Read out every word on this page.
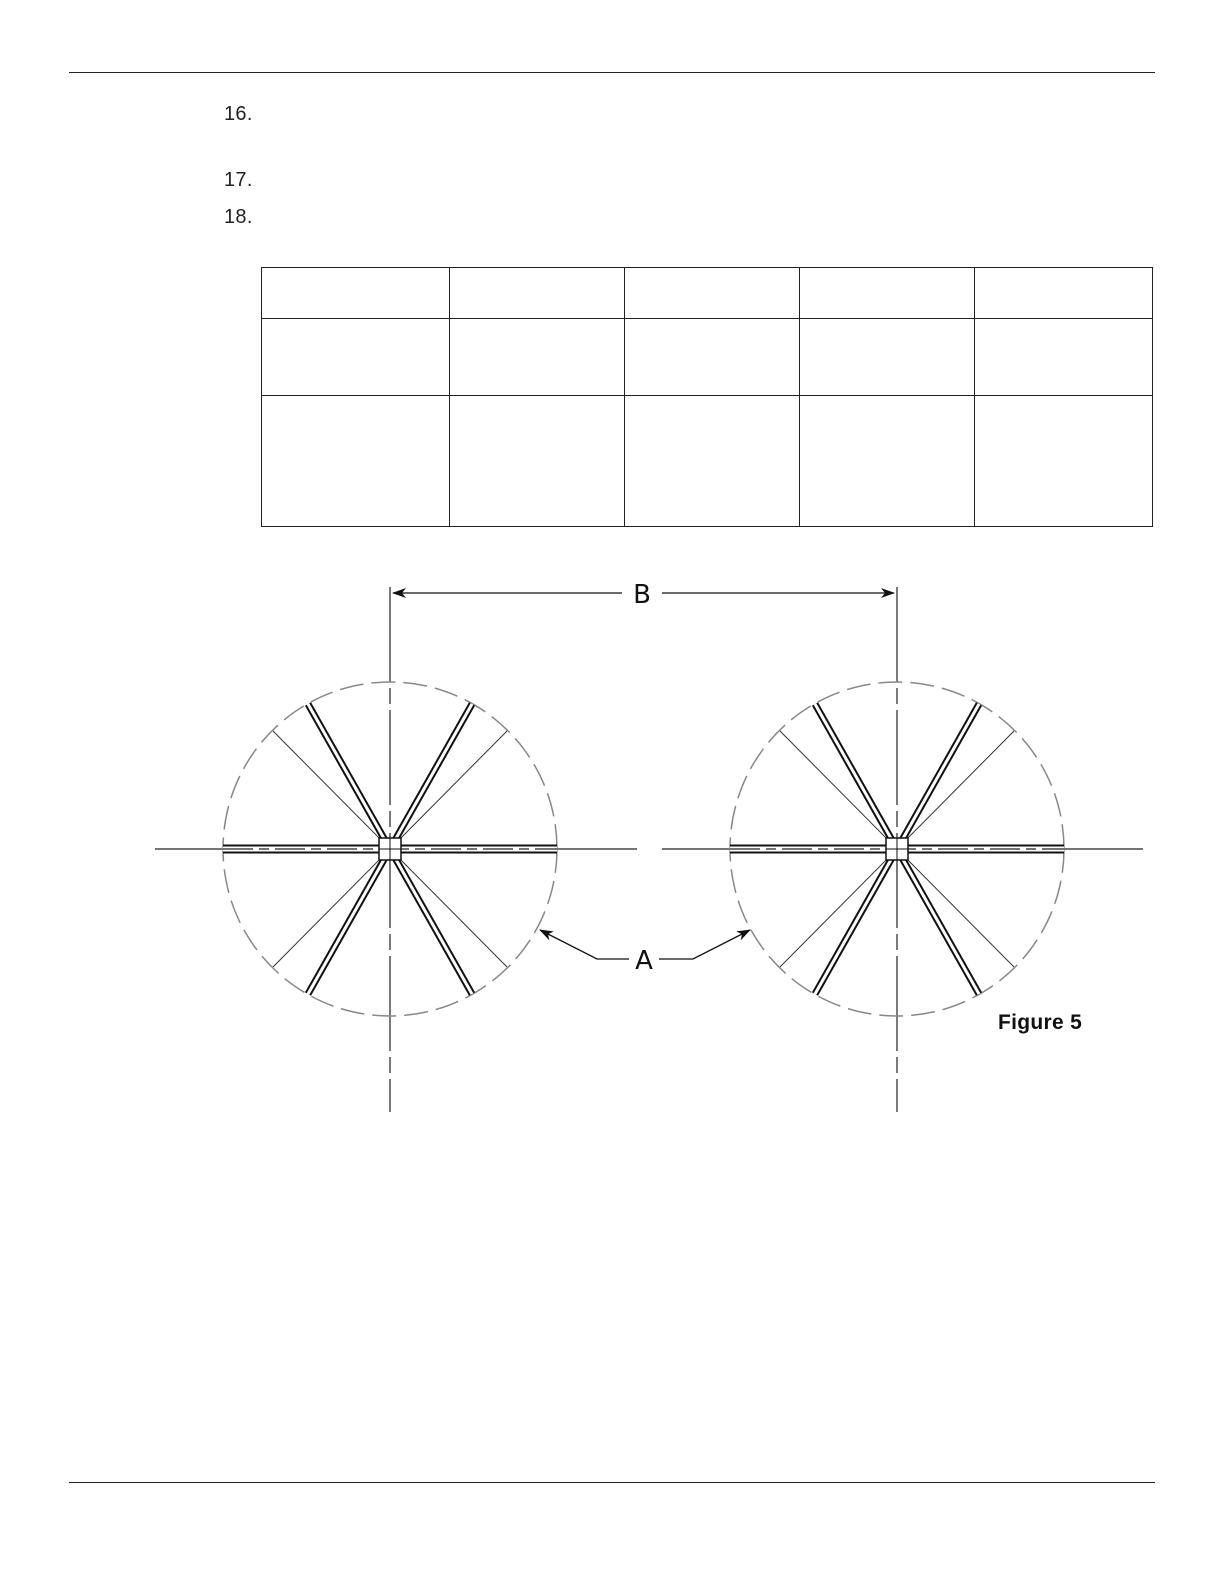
16.
17.
18.

B
A
Figure 5
